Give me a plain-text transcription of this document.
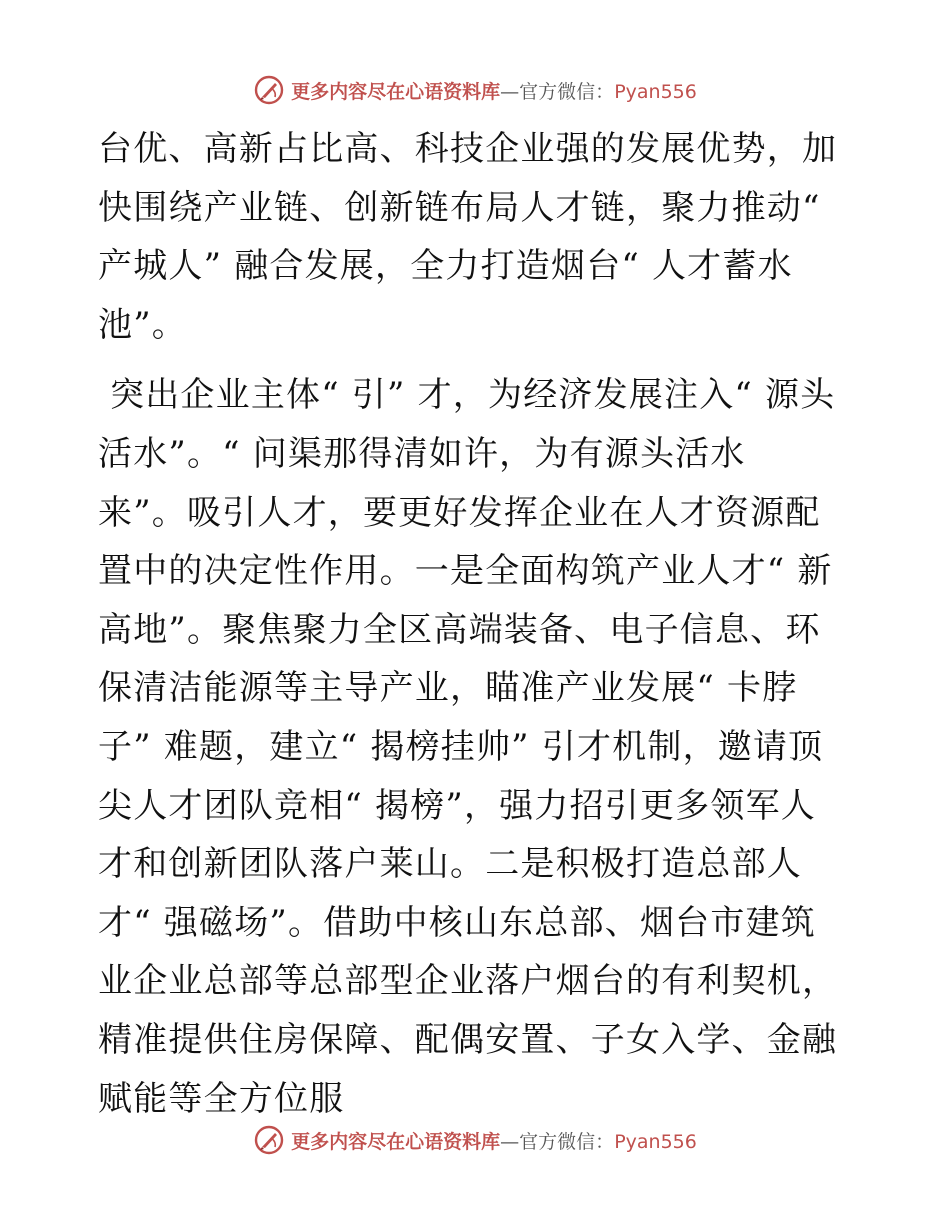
更多内容尽在心语资料库—官方微信：Pyan556

台优、高新占比高、科技企业强的发展优势，加快围绕产业链、创新链布局人才链，聚力推动“ 产城人” 融合发展，全力打造烟台“ 人才蓄水
池”。

突出企业主体“ 引” 才，为经济发展注入“ 源头活水”。“ 问渠那得清如许，为有源头活水
来”。吸引人才，要更好发挥企业在人才资源配置中的决定性作用。一是全面构筑产业人才“ 新高地”。聚焦聚力全区高端装备、电子信息、环保清洁能源等主导产业，瞄准产业发展“ 卡脖子” 难题，建立“ 揭榜挂帅” 引才机制，邀请顶尖人才团队竞相“ 揭榜”，强力招引更多领军人才和创新团队落户莱山。二是积极打造总部人才“ 强磁场”。借助中核山东总部、烟台市建筑业企业总部等总部型企业落户烟台的有利契机，精准提供住房保障、配偶安置、子女入学、金融赋能等全方位服

更多内容尽在心语资料库—官方微信：Pyan556
